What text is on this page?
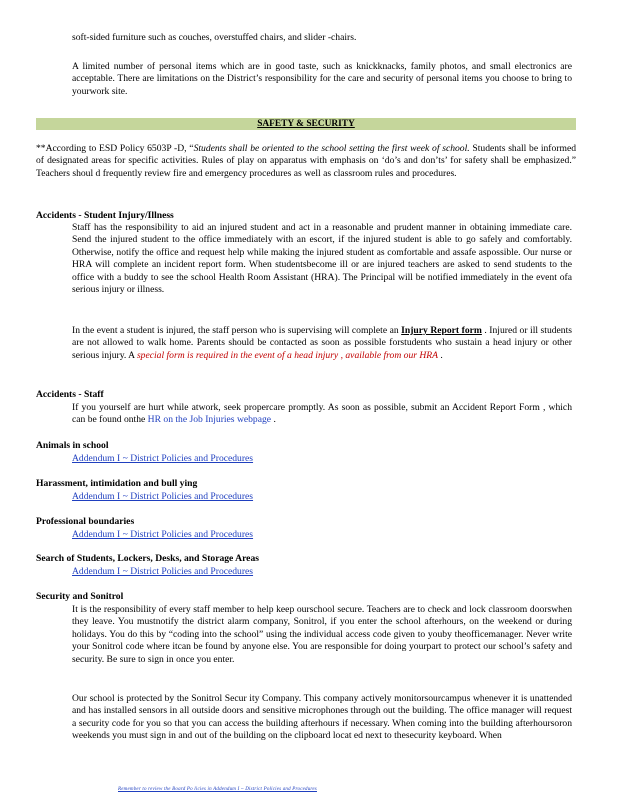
soft-sided furniture such as couches, overstuffed chairs, and slider -chairs.

A limited number of personal items which are in good taste, such as knickknacks, family photos, and small electronics are acceptable. There are limitations on the District’s responsibility for the care and security of personal items you choose to bring to yourwork site.

SAFETY & SECURITY

**According to ESD Policy 6503P -D, “Students shall be oriented to the school setting the first week of school. Students shall be informed of designated areas for specific activities. Rules of play on apparatus with emphasis on ‘do’s and don’ts’ for safety shall be emphasized.” Teachers shoul d frequently review fire and emergency procedures as well as classroom rules and procedures.

Accidents - Student Injury/Illness

Staff has the responsibility to aid an injured student and act in a reasonable and prudent manner in obtaining immediate care. Send the injured student to the office immediately with an escort, if the injured student is able to go safely and comfortably. Otherwise, notify the office and request help while making the injured student as comfortable and assafe aspossible. Our nurse or HRA will complete an incident report form. When studentsbecome ill or are injured teachers are asked to send students to the office with a buddy to see the school Health Room Assistant (HRA). The Principal will be notified immediately in the event ofa serious injury or illness.

In the event a student is injured, the staff person who is supervising will complete an Injury Report form . Injured or ill students are not allowed to walk home. Parents should be contacted as soon as possible forstudents who sustain a head injury or other serious injury. A special form is required in the event of a head injury , available from our HRA .

Accidents - Staff

If you yourself are hurt while atwork, seek propercare promptly. As soon as possible, submit an Accident Report Form , which can be found onthe HR on the Job Injuries webpage .

Animals in school

Addendum I ~ District Policies and Procedures

Harassment, intimidation and bull ying

Addendum I ~ District Policies and Procedures

Professional boundaries

Addendum I ~ District Policies and Procedures

Search of Students, Lockers, Desks, and Storage Areas

Addendum I ~ District Policies and Procedures

Security and Sonitrol

It is the responsibility of every staff member to help keep ourschool secure. Teachers are to check and lock classroom doorswhen they leave. You mustnotify the district alarm company, Sonitrol, if you enter the school afterhours, on the weekend or during holidays. You do this by “coding into the school” using the individual access code given to youby theofficemanager. Never write your Sonitrol code where itcan be found by anyone else. You are responsible for doing yourpart to protect our school’s safety and security. Be sure to sign in once you enter.

Our school is protected by the Sonitrol Secur ity Company. This company actively monitorsourcampus whenever it is unattended and has installed sensors in all outside doors and sensitive microphones through out the building. The office manager will request a security code for you so that you can access the building afterhours if necessary. When coming into the building afterhoursoron weekends you must sign in and out of the building on the clipboard locat ed next to thesecurity keyboard. When

Remember to review the Board Po licies in Addendum I ~ District Policies and Procedures
